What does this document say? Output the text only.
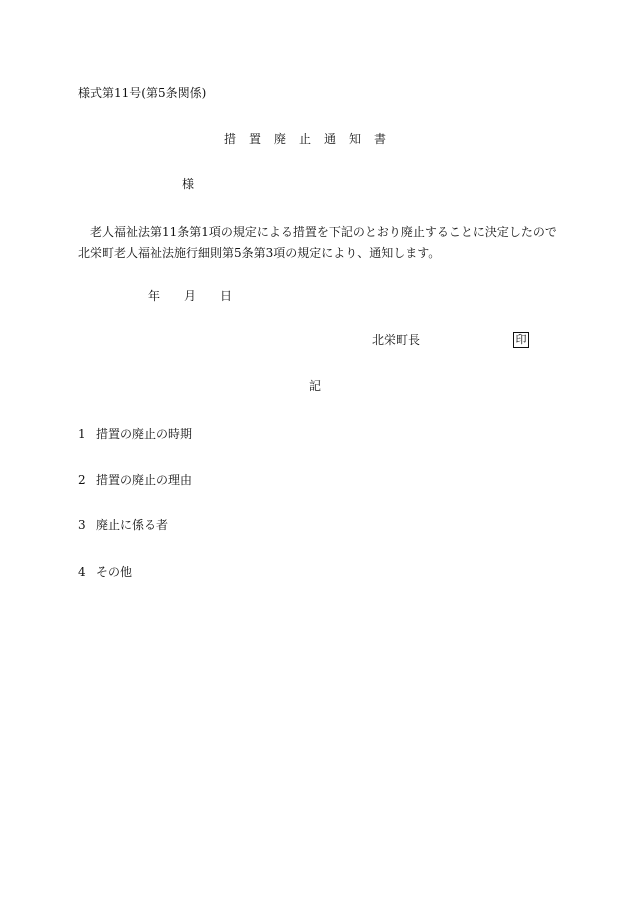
様式第11号(第5条関係)
措置廃止通知書
様
老人福祉法第11条第1項の規定による措置を下記のとおり廃止することに決定したので
北栄町老人福祉法施行細則第5条第3項の規定により、通知します。
年 月 日
北栄町長	印
記
1 措置の廃止の時期
2 措置の廃止の理由
3 廃止に係る者
4 その他
